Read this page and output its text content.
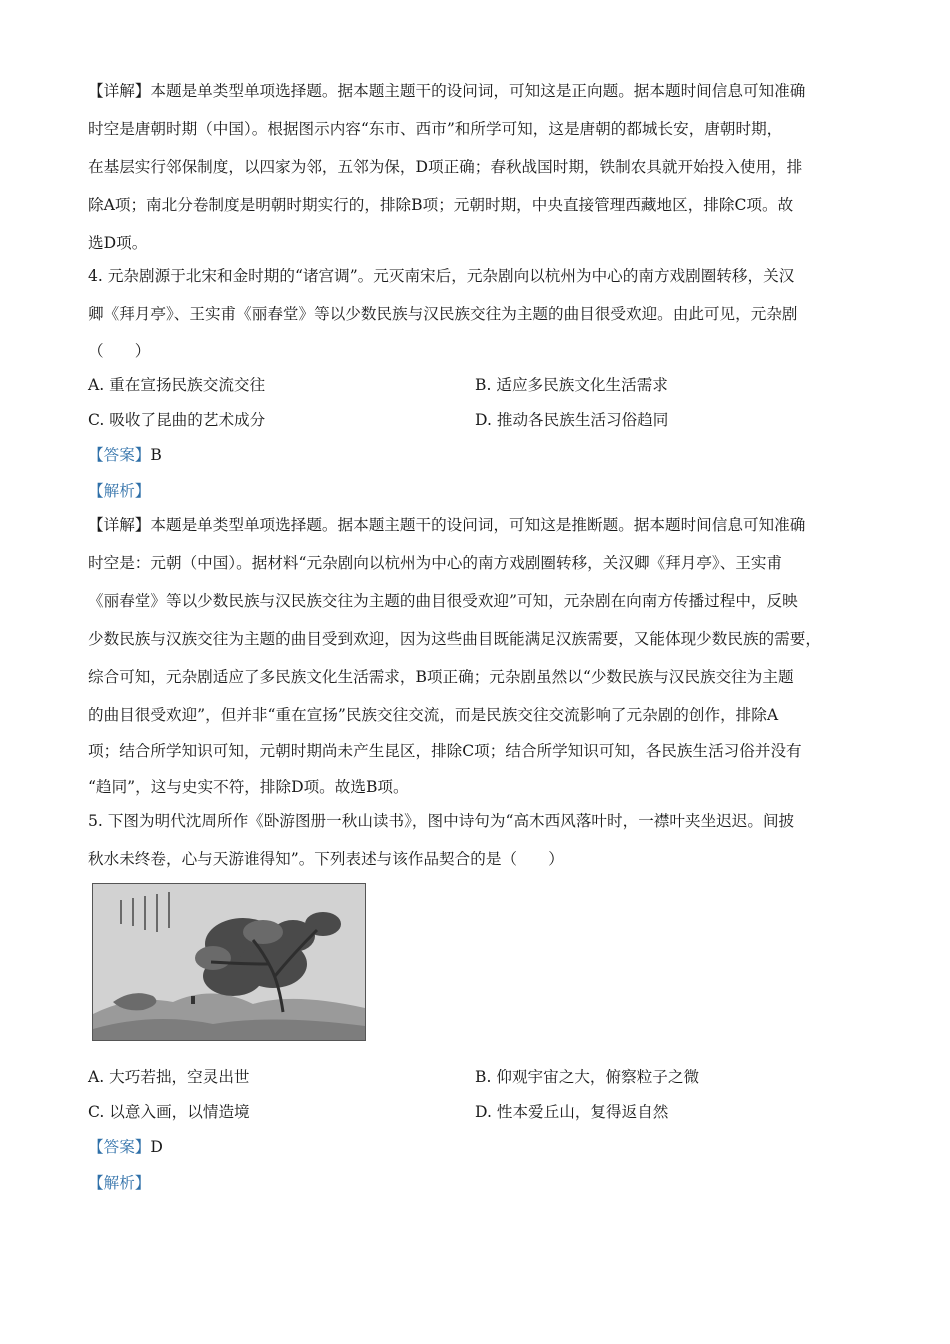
【详解】本题是单类型单项选择题。据本题主题干的设问词，可知这是正向题。据本题时间信息可知准确
时空是唐朝时期（中国）。根据图示内容“东市、西市”和所学可知，这是唐朝的都城长安，唐朝时期，
在基层实行邻保制度，以四家为邻，五邻为保，D项正确；春秋战国时期，铁制农具就开始投入使用，排
除A项；南北分卷制度是明朝时期实行的，排除B项；元朝时期，中央直接管理西藏地区，排除C项。故
选D项。
4. 元杂剧源于北宋和金时期的“诸宫调”。元灭南宋后，元杂剧向以杭州为中心的南方戏剧圈转移，关汉
卿《拜月亭》、王实甫《丽春堂》等以少数民族与汉民族交往为主题的曲目很受欢迎。由此可见，元杂剧
（　　）
A. 重在宣扬民族交流交往	B. 适应多民族文化生活需求
C. 吸收了昆曲的艺术成分	D. 推动各民族生活习俗趋同
【答案】B
【解析】
【详解】本题是单类型单项选择题。据本题主题干的设问词，可知这是推断题。据本题时间信息可知准确
时空是：元朝（中国）。据材料“元杂剧向以杭州为中心的南方戏剧圈转移，关汉卿《拜月亭》、王实甫
《丽春堂》等以少数民族与汉民族交往为主题的曲目很受欢迎”可知，元杂剧在向南方传播过程中，反映
少数民族与汉族交往为主题的曲目受到欢迎，因为这些曲目既能满足汉族需要，又能体现少数民族的需要，
综合可知，元杂剧适应了多民族文化生活需求，B项正确；元杂剧虽然以“少数民族与汉民族交往为主题
的曲目很受欢迎”，但并非“重在宣扬”民族交往交流，而是民族交往交流影响了元杂剧的创作，排除A
项；结合所学知识可知，元朝时期尚未产生昆区，排除C项；结合所学知识可知，各民族生活习俗并没有
“趋同”，这与史实不符，排除D项。故选B项。
5. 下图为明代沈周所作《卧游图册一秋山读书》，图中诗句为“高木西风落叶时，一襟叶夹坐迟迟。间披
秋水未终卷，心与天游谁得知”。下列表述与该作品契合的是（　　）
A. 大巧若拙，空灵出世	B. 仰观宇宙之大，俯察粒子之微
C. 以意入画，以情造境	D. 性本爱丘山，复得返自然
【答案】D
【解析】
